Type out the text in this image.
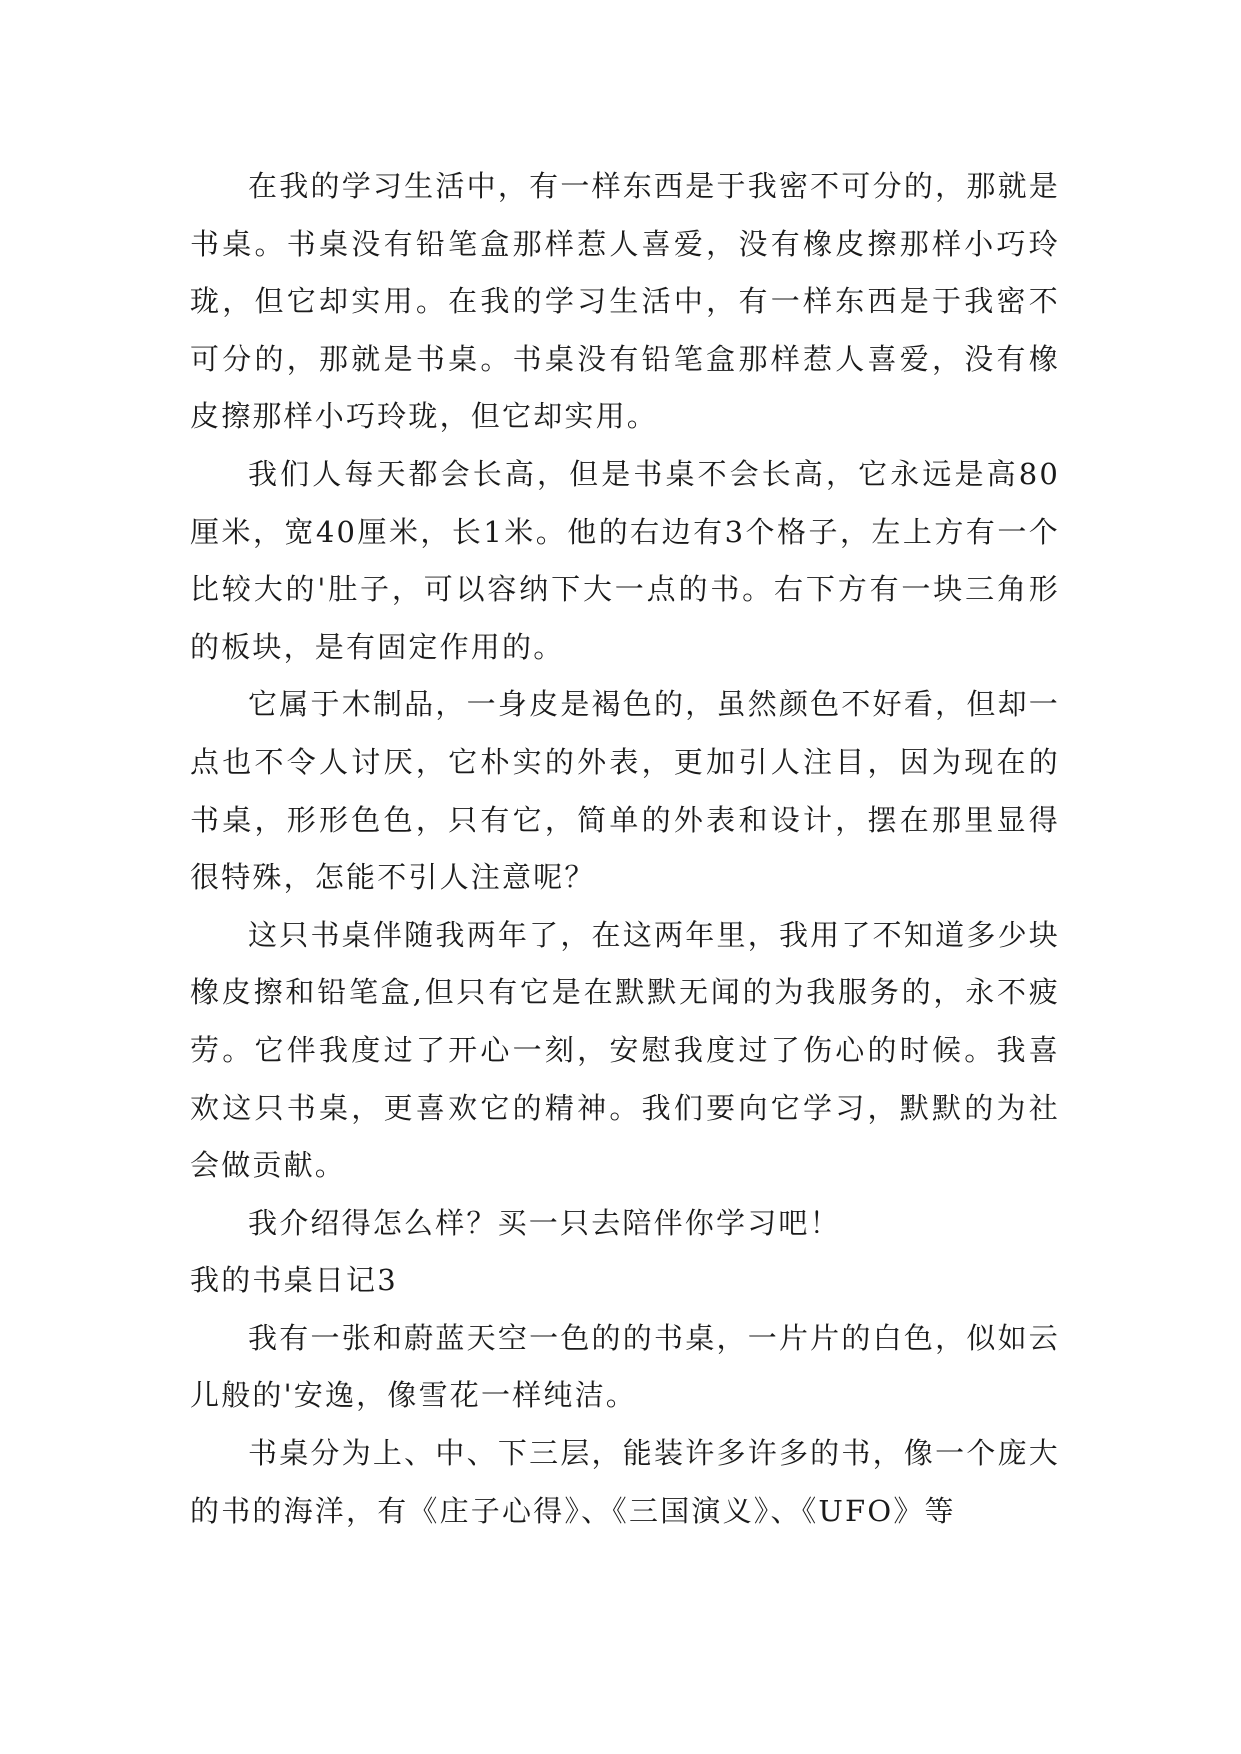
在我的学习生活中，有一样东西是于我密不可分的，那就是书桌。书桌没有铅笔盒那样惹人喜爱，没有橡皮擦那样小巧玲珑，但它却实用。在我的学习生活中，有一样东西是于我密不可分的，那就是书桌。书桌没有铅笔盒那样惹人喜爱，没有橡皮擦那样小巧玲珑，但它却实用。

我们人每天都会长高，但是书桌不会长高，它永远是高80厘米，宽40厘米，长1米。他的右边有3个格子，左上方有一个比较大的'肚子，可以容纳下大一点的书。右下方有一块三角形的板块，是有固定作用的。

它属于木制品，一身皮是褐色的，虽然颜色不好看，但却一点也不令人讨厌，它朴实的外表，更加引人注目，因为现在的书桌，形形色色，只有它，简单的外表和设计，摆在那里显得很特殊，怎能不引人注意呢？

这只书桌伴随我两年了，在这两年里，我用了不知道多少块橡皮擦和铅笔盒,但只有它是在默默无闻的为我服务的，永不疲劳。它伴我度过了开心一刻，安慰我度过了伤心的时候。我喜欢这只书桌，更喜欢它的精神。我们要向它学习，默默的为社会做贡献。

我介绍得怎么样？买一只去陪伴你学习吧！

我的书桌日记3

我有一张和蔚蓝天空一色的的书桌，一片片的白色，似如云儿般的'安逸，像雪花一样纯洁。

书桌分为上、中、下三层，能装许多许多的书，像一个庞大的书的海洋，有《庄子心得》、《三国演义》、《UFO》等
